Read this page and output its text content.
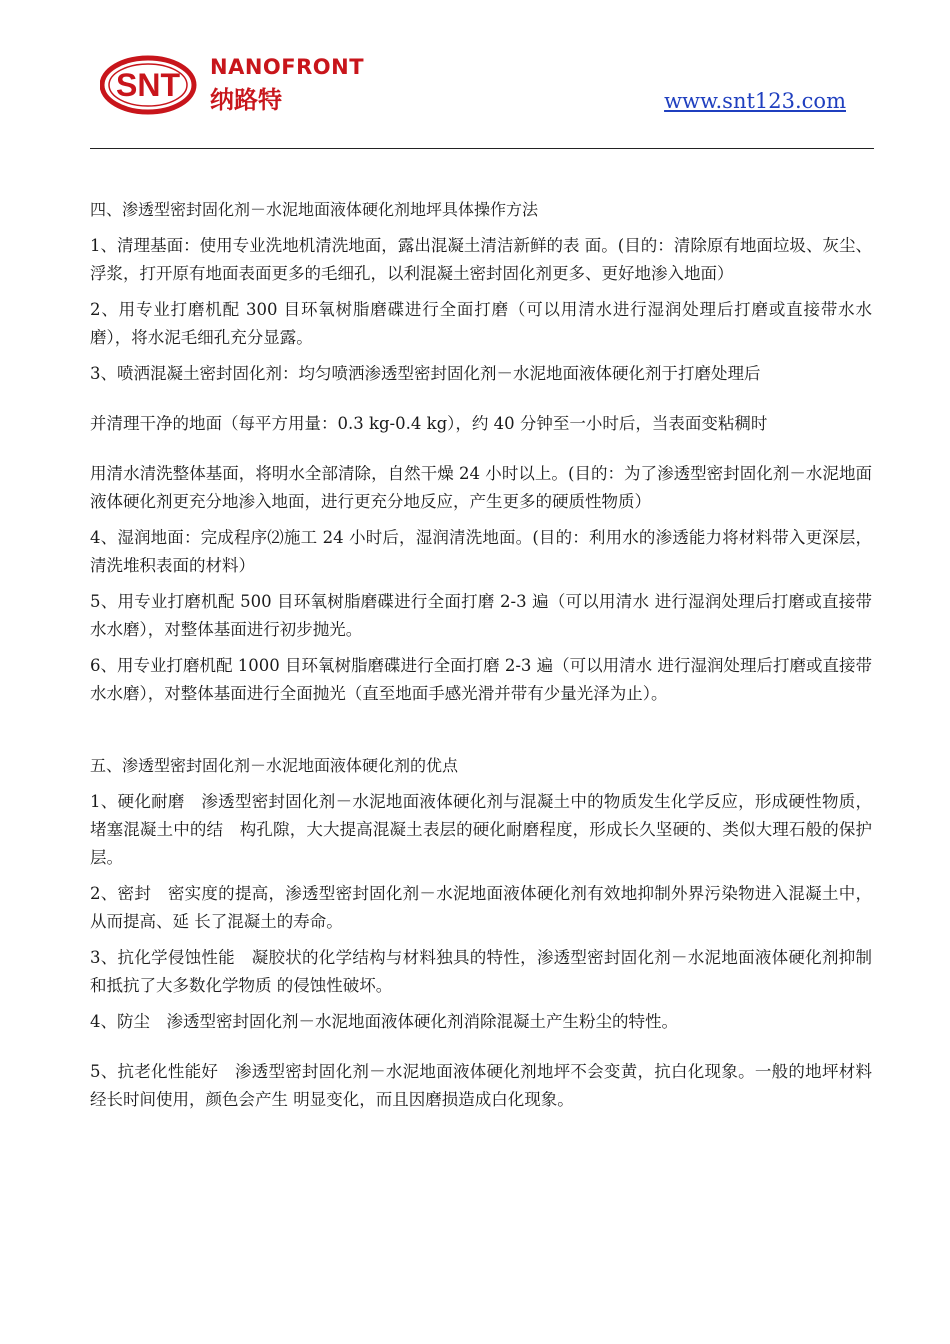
SNT NANOFRONT
纳路特	www.snt123.com

四、渗透型密封固化剂－水泥地面液体硬化剂地坪具体操作方法

1、清理基面：使用专业洗地机清洗地面，露出混凝土清洁新鲜的表 面。(目的：清除原有地面垃圾、灰尘、浮浆，打开原有地面表面更多的毛细孔，以利混凝土密封固化剂更多、更好地渗入地面）

2、用专业打磨机配 300 目环氧树脂磨碟进行全面打磨（可以用清水进行湿润处理后打磨或直接带水水磨），将水泥毛细孔充分显露。

3、喷洒混凝土密封固化剂：均匀喷洒渗透型密封固化剂－水泥地面液体硬化剂于打磨处理后

并清理干净的地面（每平方用量：0.3 kg-0.4 kg），约 40 分钟至一小时后，当表面变粘稠时

用清水清洗整体基面，将明水全部清除，自然干燥 24 小时以上。(目的：为了渗透型密封固化剂－水泥地面液体硬化剂更充分地渗入地面，进行更充分地反应，产生更多的硬质性物质）

4、湿润地面：完成程序⑵施工 24 小时后，湿润清洗地面。(目的：利用水的渗透能力将材料带入更深层，清洗堆积表面的材料）

5、用专业打磨机配 500 目环氧树脂磨碟进行全面打磨 2-3 遍（可以用清水 进行湿润处理后打磨或直接带水水磨），对整体基面进行初步抛光。

6、用专业打磨机配 1000 目环氧树脂磨碟进行全面打磨 2-3 遍（可以用清水 进行湿润处理后打磨或直接带水水磨），对整体基面进行全面抛光（直至地面手感光滑并带有少量光泽为止）。

五、渗透型密封固化剂－水泥地面液体硬化剂的优点

1、硬化耐磨　渗透型密封固化剂－水泥地面液体硬化剂与混凝土中的物质发生化学反应，形成硬性物质，堵塞混凝土中的结　构孔隙，大大提高混凝土表层的硬化耐磨程度，形成长久坚硬的、类似大理石般的保护层。

2、密封　密实度的提高，渗透型密封固化剂－水泥地面液体硬化剂有效地抑制外界污染物进入混凝土中，从而提高、延 长了混凝土的寿命。

3、抗化学侵蚀性能　凝胶状的化学结构与材料独具的特性，渗透型密封固化剂－水泥地面液体硬化剂抑制和抵抗了大多数化学物质 的侵蚀性破坏。

4、防尘　渗透型密封固化剂－水泥地面液体硬化剂消除混凝土产生粉尘的特性。

5、抗老化性能好　渗透型密封固化剂－水泥地面液体硬化剂地坪不会变黄，抗白化现象。一般的地坪材料经长时间使用，颜色会产生 明显变化，而且因磨损造成白化现象。
